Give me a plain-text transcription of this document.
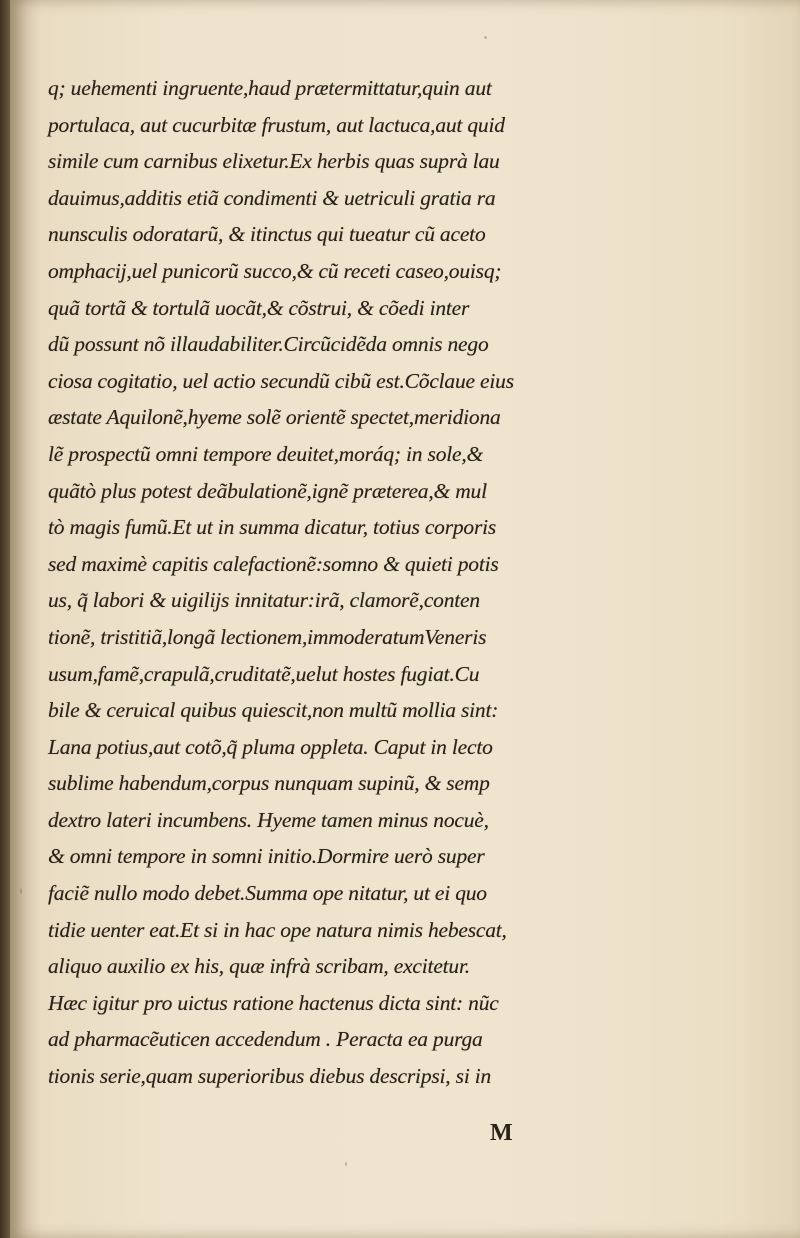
q; uehementi ingruente,haud prætermittatur,quin aut
portulaca, aut cucurbitæ frustum, aut lactuca,aut quid
simile cum carnibus elixetur.Ex herbis quas suprà lau
dauimus,additis etiã condimenti & uetriculi gratia ra
nunsculis odoratarũ, & itinctus qui tueatur cũ aceto
omphacij,uel punicorũ succo,& cũ receti caseo,ouisq;
quã tortã & tortulã uocãt,& cõstrui, & cõedi inter
dũ possunt nõ illaudabiliter.Circũcidẽda omnis nego
ciosa cogitatio, uel actio secundũ cibũ est.Cõclaue eius
æstate Aquilonẽ,hyeme solẽ orientẽ spectet,meridiona
lẽ prospectũ omni tempore deuitet,moráq; in sole,&
quãtò plus potest deãbulationẽ,ignẽ præterea,& mul
tò magis fumũ.Et ut in summa dicatur, totius corporis
sed maximè capitis calefactionẽ:somno & quieti potis
us, q̃ labori & uigilijs innitatur:irã, clamorẽ,conten
tionẽ, tristitiã,longã lectionem,immoderatumVeneris
usum,famẽ,crapulã,cruditatẽ,uelut hostes fugiat.Cu
bile & ceruical quibus quiescit,non multũ mollia sint:
Lana potius,aut cotõ,q̃ pluma oppleta. Caput in lecto
sublime habendum,corpus nunquam supinũ, & semp
dextro lateri incumbens. Hyeme tamen minus nocuè,
& omni tempore in somni initio.Dormire uerò super
faciẽ nullo modo debet.Summa ope nitatur, ut ei quo
tidie uenter eat.Et si in hac ope natura nimis hebescat,
aliquo auxilio ex his, quæ infrà scribam, excitetur.
Hæc igitur pro uictus ratione hactenus dicta sint: nũc
ad pharmacẽuticen accedendum . Peracta ea purga
tionis serie,quam superioribus diebus descripsi, si in
M
